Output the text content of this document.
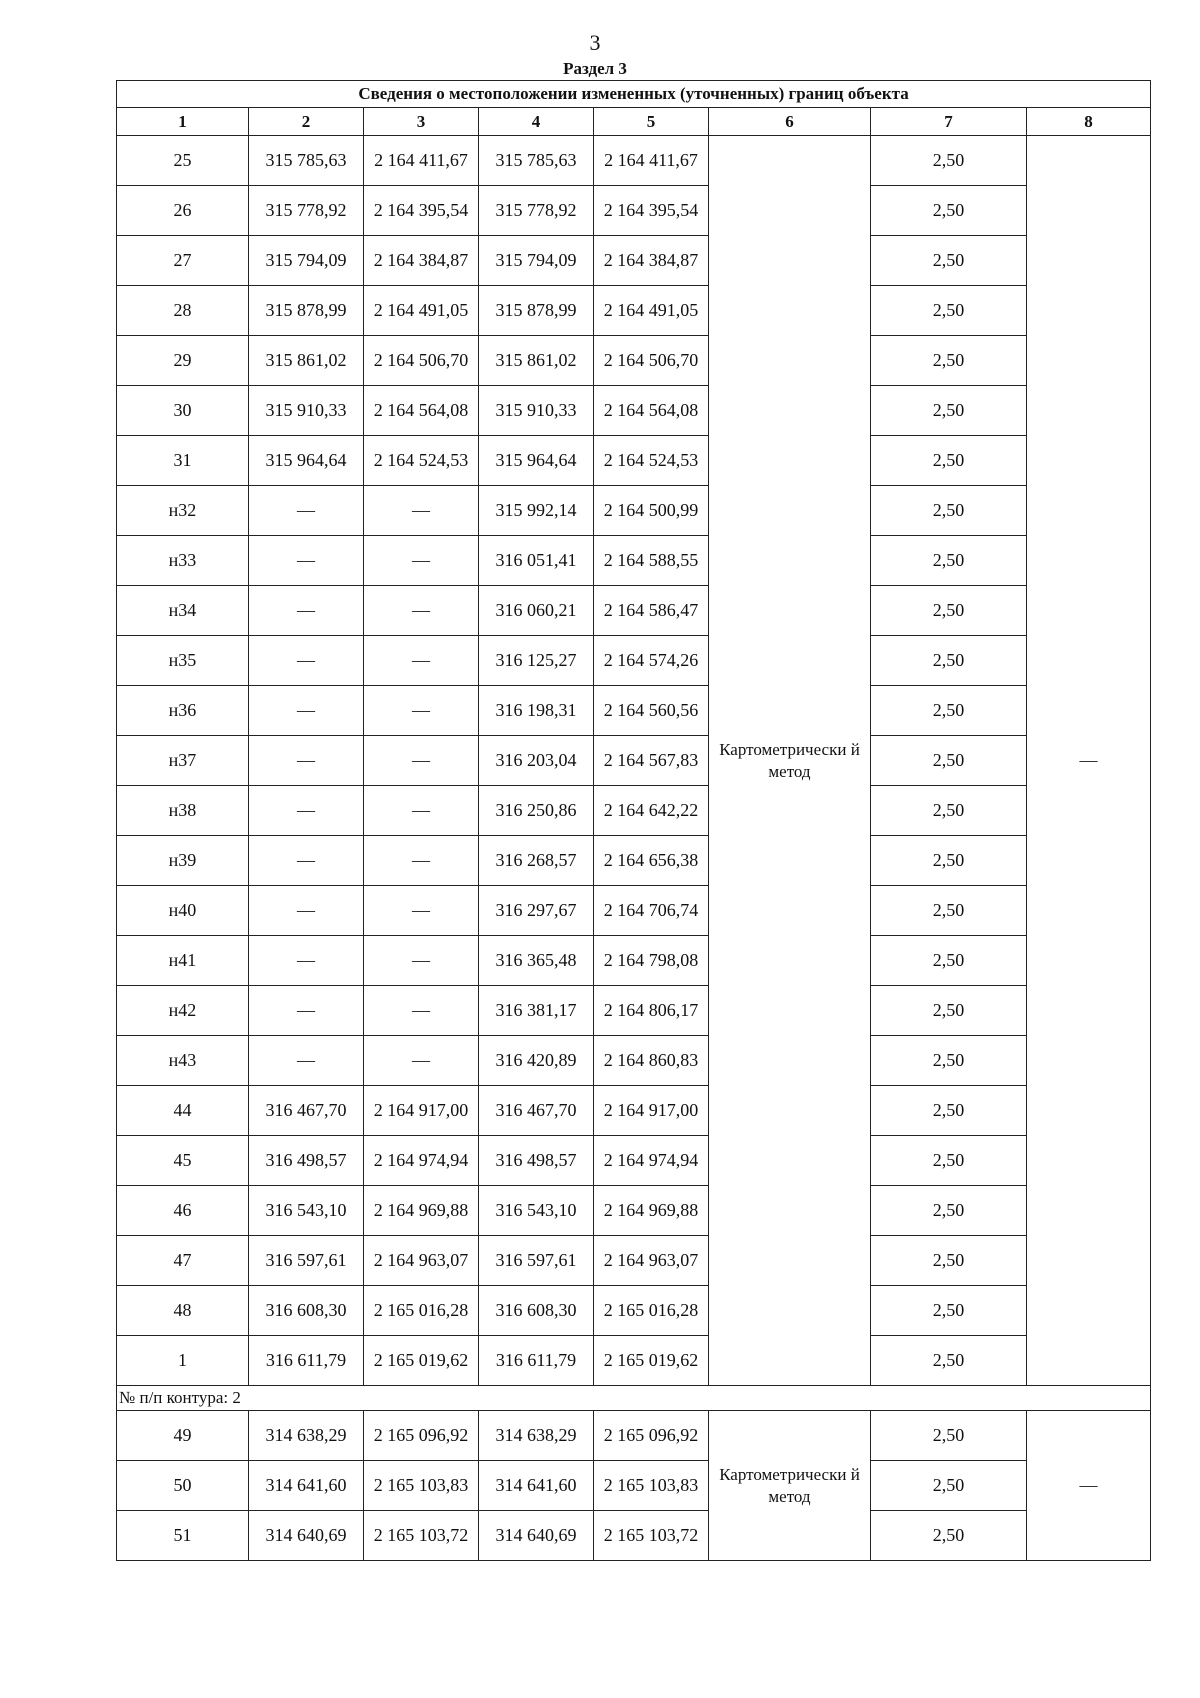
3
Раздел 3
Сведения о местоположении измененных (уточненных) границ объекта							
1	2	3	4	5	6	7	8
25	315 785,63	2 164 411,67	315 785,63	2 164 411,67	Картометрически й метод	2,50	—
26	315 778,92	2 164 395,54	315 778,92	2 164 395,54		2,50	
27	315 794,09	2 164 384,87	315 794,09	2 164 384,87		2,50	
28	315 878,99	2 164 491,05	315 878,99	2 164 491,05		2,50	
29	315 861,02	2 164 506,70	315 861,02	2 164 506,70		2,50	
30	315 910,33	2 164 564,08	315 910,33	2 164 564,08		2,50	
31	315 964,64	2 164 524,53	315 964,64	2 164 524,53		2,50	
н32	—	—	315 992,14	2 164 500,99		2,50	
н33	—	—	316 051,41	2 164 588,55		2,50	
н34	—	—	316 060,21	2 164 586,47		2,50	
н35	—	—	316 125,27	2 164 574,26		2,50	
н36	—	—	316 198,31	2 164 560,56		2,50	
н37	—	—	316 203,04	2 164 567,83		2,50	
н38	—	—	316 250,86	2 164 642,22		2,50	
н39	—	—	316 268,57	2 164 656,38		2,50	
н40	—	—	316 297,67	2 164 706,74		2,50	
н41	—	—	316 365,48	2 164 798,08		2,50	
н42	—	—	316 381,17	2 164 806,17		2,50	
н43	—	—	316 420,89	2 164 860,83		2,50	
44	316 467,70	2 164 917,00	316 467,70	2 164 917,00		2,50	
45	316 498,57	2 164 974,94	316 498,57	2 164 974,94		2,50	
46	316 543,10	2 164 969,88	316 543,10	2 164 969,88		2,50	
47	316 597,61	2 164 963,07	316 597,61	2 164 963,07		2,50	
48	316 608,30	2 165 016,28	316 608,30	2 165 016,28		2,50	
1	316 611,79	2 165 019,62	316 611,79	2 165 019,62		2,50	
№ п/п контура: 2							
49	314 638,29	2 165 096,92	314 638,29	2 165 096,92	Картометрически й метод	2,50	—
50	314 641,60	2 165 103,83	314 641,60	2 165 103,83		2,50	
51	314 640,69	2 165 103,72	314 640,69	2 165 103,72		2,50	
